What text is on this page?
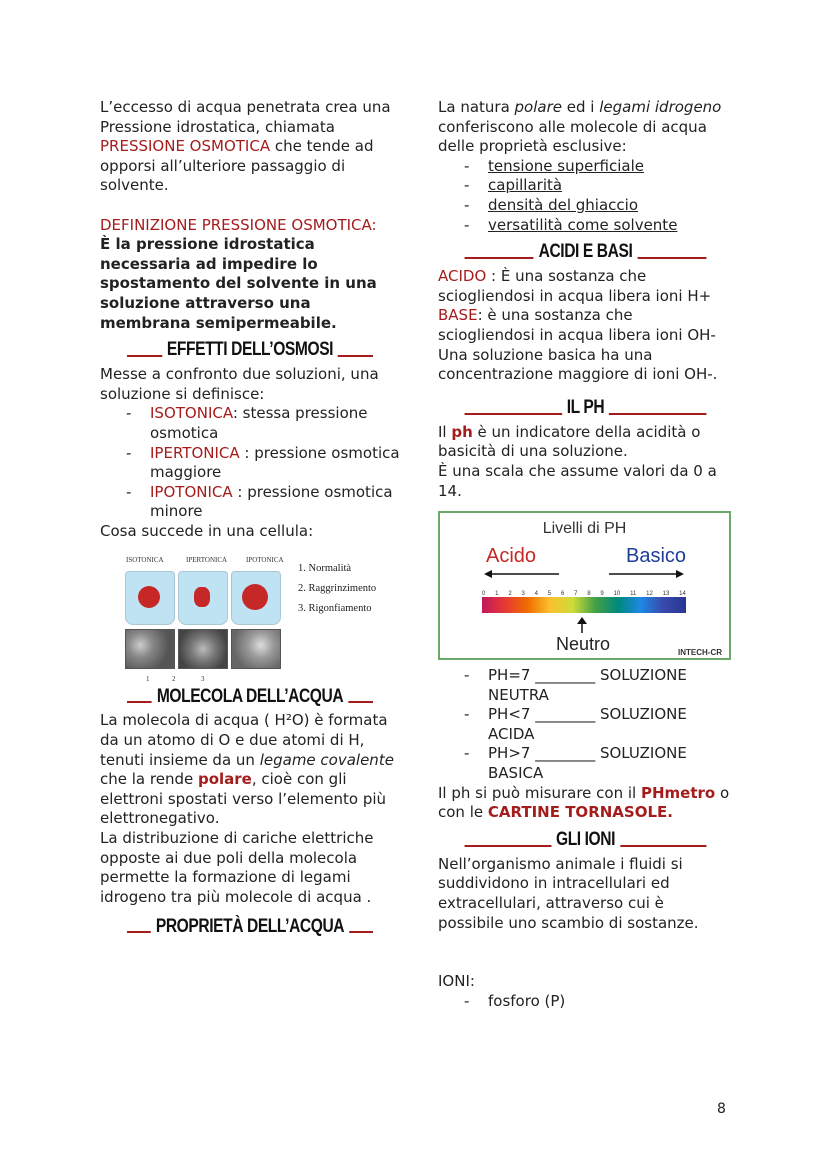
L’eccesso di acqua penetrata crea una Pressione idrostatica, chiamata PRESSIONE OSMOTICA che tende ad opporsi all’ulteriore passaggio di solvente.

DEFINIZIONE PRESSIONE OSMOTICA:

È la pressione idrostatica necessaria ad impedire lo spostamento del solvente in una soluzione attraverso una membrana semipermeabile.

EFFETTI DELL’OSMOSI

Messe a confronto due soluzioni, una soluzione si definisce:

- ISOTONICA: stessa pressione osmotica
- IPERTONICA : pressione osmotica maggiore
- IPOTONICA : pressione osmotica minore

Cosa succede in una cellula:

ISOTONICA	IPERTONICA	IPOTONICA
1. Normalità
2. Raggrinzimento
3. Rigonfiamento
1	2	3
MOLECOLA DELL’ACQUA

La molecola di acqua ( H²O) è formata da un atomo di O e due atomi di H, tenuti insieme da un legame covalente che la rende polare, cioè con gli elettroni spostati verso l’elemento più elettronegativo.

La distribuzione di cariche elettriche opposte ai due poli della molecola permette la formazione di legami idrogeno tra più molecole di acqua .

PROPRIETÀ DELL’ACQUA

La natura polare ed i legami idrogeno conferiscono alle molecole di acqua delle proprietà esclusive:

- tensione superficiale
- capillarità
- densità del ghiaccio
- versatilità come solvente
ACIDI E BASI

ACIDO : È una sostanza che sciogliendosi in acqua libera ioni H+

BASE: è una sostanza che sciogliendosi in acqua libera ioni OH-

Una soluzione basica ha una concentrazione maggiore di ioni OH-.

IL PH

Il ph è un indicatore della acidità o basicità di una soluzione.

È una scala che assume valori da 0 a 14.

Livelli di PH
Acido	Basico
0 1 2 3 4 5 6 7 8 9 10 11 12 13 14
Neutro	INTECH-CR
- PH=7 ________ SOLUZIONE NEUTRA
- PH<7 ________ SOLUZIONE ACIDA
- PH>7 ________ SOLUZIONE BASICA

Il ph si può misurare con il PHmetro o con le CARTINE TORNASOLE.

GLI IONI

Nell’organismo animale i fluidi si suddividono in intracellulari ed extracellulari, attraverso cui è possibile uno scambio di sostanze.

IONI:

- fosforo (P)
8
